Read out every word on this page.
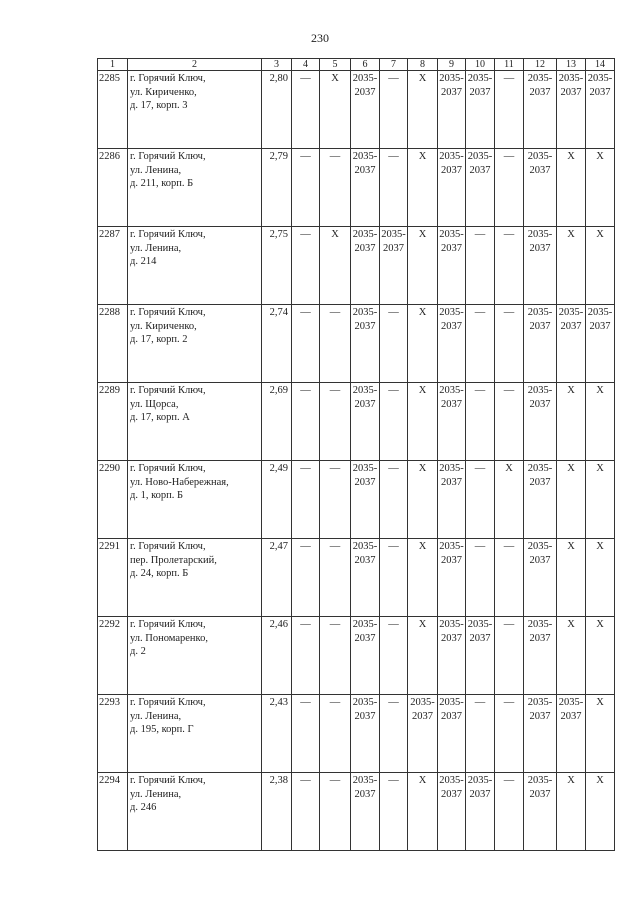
230
1	2	3	4	5	6	7	8	9	10	11	12	13	14
2285	г. Горячий Ключ,
ул. Кириченко,
д. 17, корп. 3	2,80	—	Х	2035-
2037	—	Х	2035-
2037	2035-
2037	—	2035-
2037	2035-
2037	2035-
2037
2286	г. Горячий Ключ,
ул. Ленина,
д. 211, корп. Б	2,79	—	—	2035-
2037	—	Х	2035-
2037	2035-
2037	—	2035-
2037	Х	Х
2287	г. Горячий Ключ,
ул. Ленина,
д. 214	2,75	—	Х	2035-
2037	2035-
2037	Х	2035-
2037	—	—	2035-
2037	Х	Х
2288	г. Горячий Ключ,
ул. Кириченко,
д. 17, корп. 2	2,74	—	—	2035-
2037	—	Х	2035-
2037	—	—	2035-
2037	2035-
2037	2035-
2037
2289	г. Горячий Ключ,
ул. Щорса,
д. 17, корп. А	2,69	—	—	2035-
2037	—	Х	2035-
2037	—	—	2035-
2037	Х	Х
2290	г. Горячий Ключ,
ул. Ново-Набережная,
д. 1, корп. Б	2,49	—	—	2035-
2037	—	Х	2035-
2037	—	Х	2035-
2037	Х	Х
2291	г. Горячий Ключ,
пер. Пролетарский,
д. 24, корп. Б	2,47	—	—	2035-
2037	—	Х	2035-
2037	—	—	2035-
2037	Х	Х
2292	г. Горячий Ключ,
ул. Пономаренко,
д. 2	2,46	—	—	2035-
2037	—	Х	2035-
2037	2035-
2037	—	2035-
2037	Х	Х
2293	г. Горячий Ключ,
ул. Ленина,
д. 195, корп. Г	2,43	—	—	2035-
2037	—	2035-
2037	2035-
2037	—	—	2035-
2037	2035-
2037	Х
2294	г. Горячий Ключ,
ул. Ленина,
д. 246	2,38	—	—	2035-
2037	—	Х	2035-
2037	2035-
2037	—	2035-
2037	Х	Х
